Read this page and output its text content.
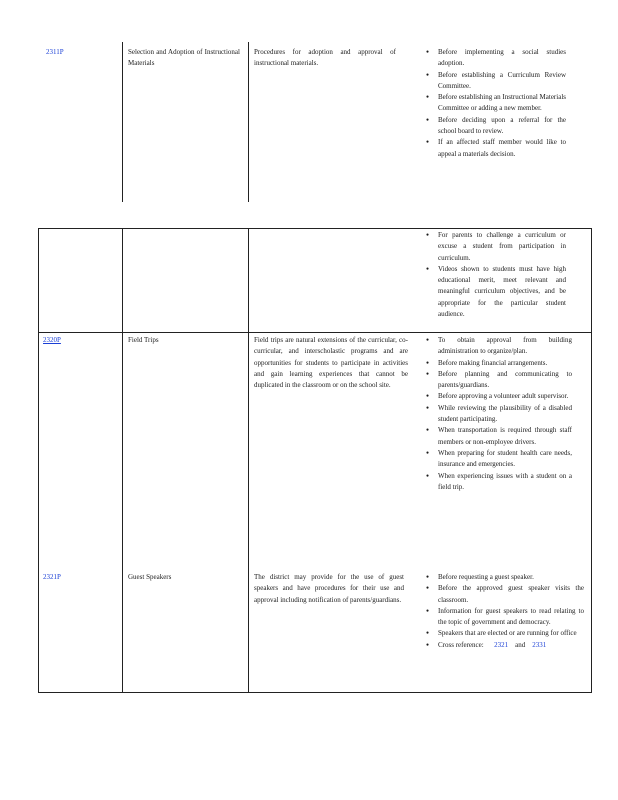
2311P	Selection and Adoption of Instructional Materials
Procedures for adoption and approval of instructional materials.
● Before implementing a social studies adoption.
● Before establishing a Curriculum Review Committee.
● Before establishing an Instructional Materials Committee or adding a new member.
● Before deciding upon a referral for the school board to review.
● If an affected staff member would like to appeal a materials decision.
● For parents to challenge a curriculum or excuse a student from participation in curriculum.
● Videos shown to students must have high educational merit, meet relevant and meaningful curriculum objectives, and be appropriate for the particular student audience.
2320P	Field Trips	Field trips are natural extensions of the curricular, co-curricular, and interscholastic programs and are opportunities for students to participate in activities and gain learning experiences that cannot be duplicated in the classroom or on the school site.
● To obtain approval from building administration to organize/plan.
● Before making financial arrangements.
● Before planning and communicating to parents/guardians.
● Before approving a volunteer adult supervisor.
● While reviewing the plausibility of a disabled student participating.
● When transportation is required through staff members or non-employee drivers.
● When preparing for student health care needs, insurance and emergencies.
● When experiencing issues with a student on a field trip.
2321P	Guest Speakers	The district may provide for the use of guest speakers and have procedures for their use and approval including notification of parents/guardians.
● Before requesting a guest speaker.
● Before the approved guest speaker visits the classroom.
● Information for guest speakers to read relating to the topic of government and democracy.
● Speakers that are elected or are running for office
● Cross reference: 2321 and 2331
